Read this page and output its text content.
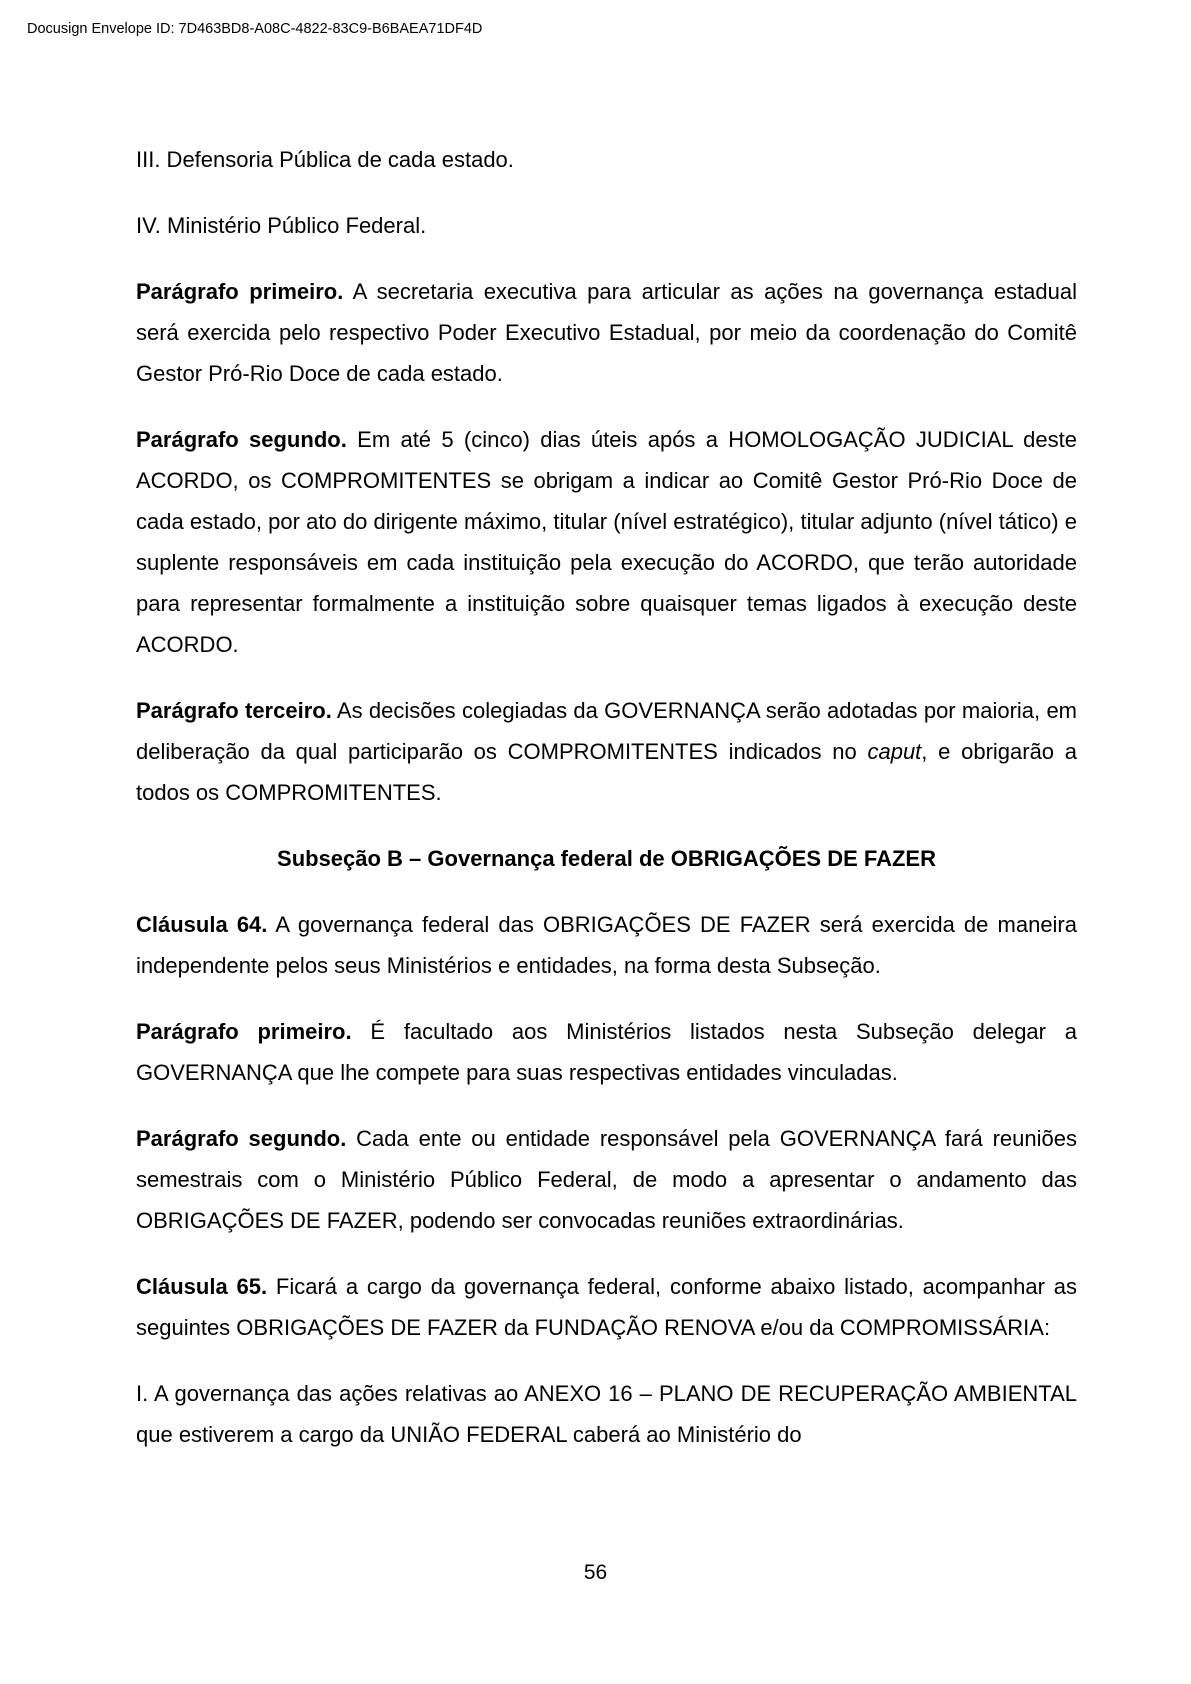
Docusign Envelope ID: 7D463BD8-A08C-4822-83C9-B6BAEA71DF4D

III. Defensoria Pública de cada estado.

IV. Ministério Público Federal.

Parágrafo primeiro. A secretaria executiva para articular as ações na governança estadual será exercida pelo respectivo Poder Executivo Estadual, por meio da coordenação do Comitê Gestor Pró-Rio Doce de cada estado.

Parágrafo segundo. Em até 5 (cinco) dias úteis após a HOMOLOGAÇÃO JUDICIAL deste ACORDO, os COMPROMITENTES se obrigam a indicar ao Comitê Gestor Pró-Rio Doce de cada estado, por ato do dirigente máximo, titular (nível estratégico), titular adjunto (nível tático) e suplente responsáveis em cada instituição pela execução do ACORDO, que terão autoridade para representar formalmente a instituição sobre quaisquer temas ligados à execução deste ACORDO.

Parágrafo terceiro. As decisões colegiadas da GOVERNANÇA serão adotadas por maioria, em deliberação da qual participarão os COMPROMITENTES indicados no caput, e obrigarão a todos os COMPROMITENTES.

Subseção B – Governança federal de OBRIGAÇÕES DE FAZER

Cláusula 64. A governança federal das OBRIGAÇÕES DE FAZER será exercida de maneira independente pelos seus Ministérios e entidades, na forma desta Subseção.

Parágrafo primeiro. É facultado aos Ministérios listados nesta Subseção delegar a GOVERNANÇA que lhe compete para suas respectivas entidades vinculadas.

Parágrafo segundo. Cada ente ou entidade responsável pela GOVERNANÇA fará reuniões semestrais com o Ministério Público Federal, de modo a apresentar o andamento das OBRIGAÇÕES DE FAZER, podendo ser convocadas reuniões extraordinárias.

Cláusula 65. Ficará a cargo da governança federal, conforme abaixo listado, acompanhar as seguintes OBRIGAÇÕES DE FAZER da FUNDAÇÃO RENOVA e/ou da COMPROMISSÁRIA:

I. A governança das ações relativas ao ANEXO 16 – PLANO DE RECUPERAÇÃO AMBIENTAL que estiverem a cargo da UNIÃO FEDERAL caberá ao Ministério do

56
